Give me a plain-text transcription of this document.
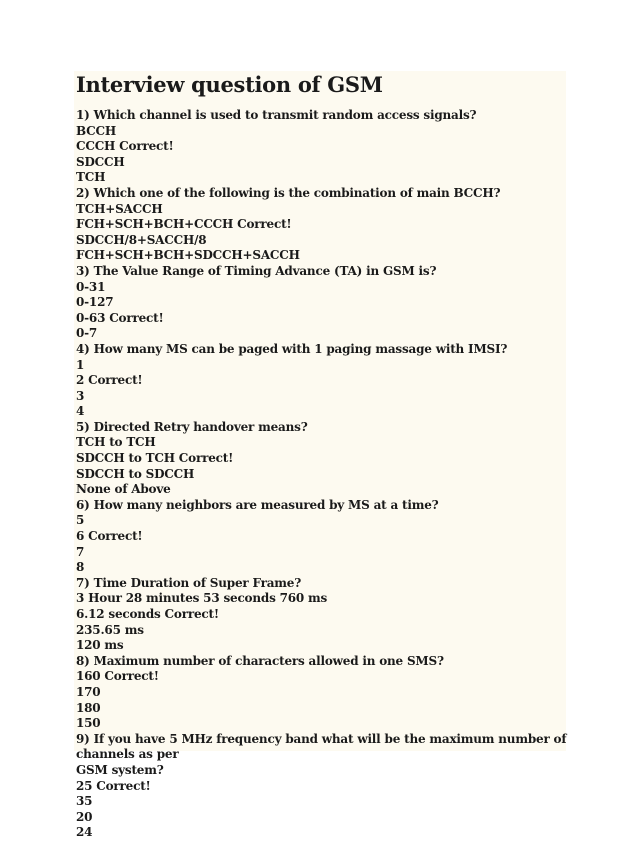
Interview question of GSM
1) Which channel is used to transmit random access signals?
BCCH
CCCH Correct!
SDCCH
TCH
2) Which one of the following is the combination of main BCCH?
TCH+SACCH
FCH+SCH+BCH+CCCH Correct!
SDCCH/8+SACCH/8
FCH+SCH+BCH+SDCCH+SACCH
3) The Value Range of Timing Advance (TA) in GSM is?
0-31
0-127
0-63 Correct!
0-7
4) How many MS can be paged with 1 paging massage with IMSI?
1
2 Correct!
3
4
5) Directed Retry handover means?
TCH to TCH
SDCCH to TCH Correct!
SDCCH to SDCCH
None of Above
6) How many neighbors are measured by MS at a time?
5
6 Correct!
7
8
7) Time Duration of Super Frame?
3 Hour 28 minutes 53 seconds 760 ms
6.12 seconds Correct!
235.65 ms
120 ms
8) Maximum number of characters allowed in one SMS?
160 Correct!
170
180
150
9) If you have 5 MHz frequency band what will be the maximum number of
channels as per
GSM system?
25 Correct!
35
20
24
